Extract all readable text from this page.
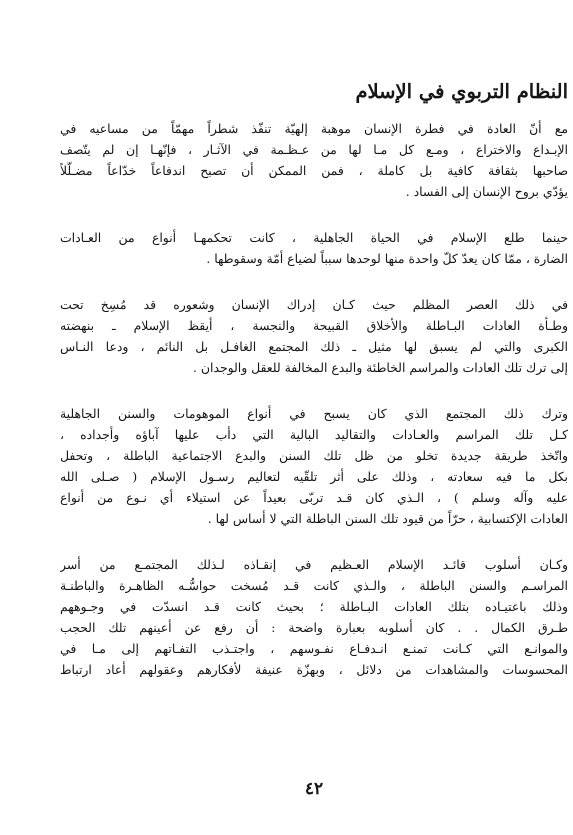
النظام التربوي في الإسلام

مع أنّ العادة في فطرة الإنسان موهبة إلهيّة تنفّذ شطراً مهمّاً من مساعيه في
الإبـداع والاختراع ، ومـع كل مـا لها من عـظـمة في الآثـار ، فإنّهـا إن لم يتّصف
صاحبها بثقافة كافية بل كاملة ، فمن الممكن أن تصبح اندفاعاً خدّاعاً مضـلّلاً
يؤدّي بروح الإنسان إلى الفساد .

حينما طلع الإسلام في الحياة الجاهلية ، كانت تحكمهـا أنواع من العـادات
الضارة ، ممّا كان يعدّ كلّ واحدة منها لوحدها سبباً لضياع أمّة وسقوطها .

في ذلك العصر المظلم حيث كـان إدراك الإنسان وشعوره قد مُسِخ تحت
وطـأة العادات البـاطلة والأخلاق القبيحة والنجسة ، أيقظ الإسلام ـ بنهضته
الكبرى والتي لم يسبق لها مثيل ـ ذلك المجتمع الغافـل بل النائم ، ودعا النـاس
إلى ترك تلك العادات والمراسم الخاطئة والبدع المخالفة للعقل والوجدان .

وترك ذلك المجتمع الذي كان يسبح في أنواع الموهومات والسنن الجاهلية
كـل تلك المراسم والعـادات والتقاليد البالية التي دأب عليها آباؤه وأجداده ،
واتّخذ طريقة جديدة تخلو من ظل تلك السنن والبدع الاجتماعية الباطلة ، وتحفل
بكل ما فيه سعادته ، وذلك على أثر تلقّيه لتعاليم رسـول الإسلام ( صـلى الله
عليه وآله وسلم ) ، الـذي كان قـد تربّى بعيداً عن استيلاء أي نـوع من أنواع
العادات الإكتسابية ، حرّاً من قيود تلك السنن الباطلة التي لا أساس لها .

وكـان أسلوب قائـد الإسلام العـظيم في إنقـاذه لـذلك المجتمـع من أسر
المراسـم والسنن الباطلة ، والـذي كانت قـد مُسخت حواسُّـه الظاهـرة والباطنـة
وذلك باعتيـاده بتلك العادات البـاطلة ؛ بحيث كانت قـد انسدّت في وجـوههم
طـرق الكمال . . كان أسلوبه بعبارة واضحة : أن رفع عن أعينهم تلك الحجب
والموانـع التي كـانت تمنـع انـدفـاع نفـوسهم ، واجتـذب التفـاتهم إلى مـا في
المحسوسات والمشاهدات من دلائل ، وبهزّة عنيفة لأفكارهم وعقولهم أعاد ارتباط

٤٢
